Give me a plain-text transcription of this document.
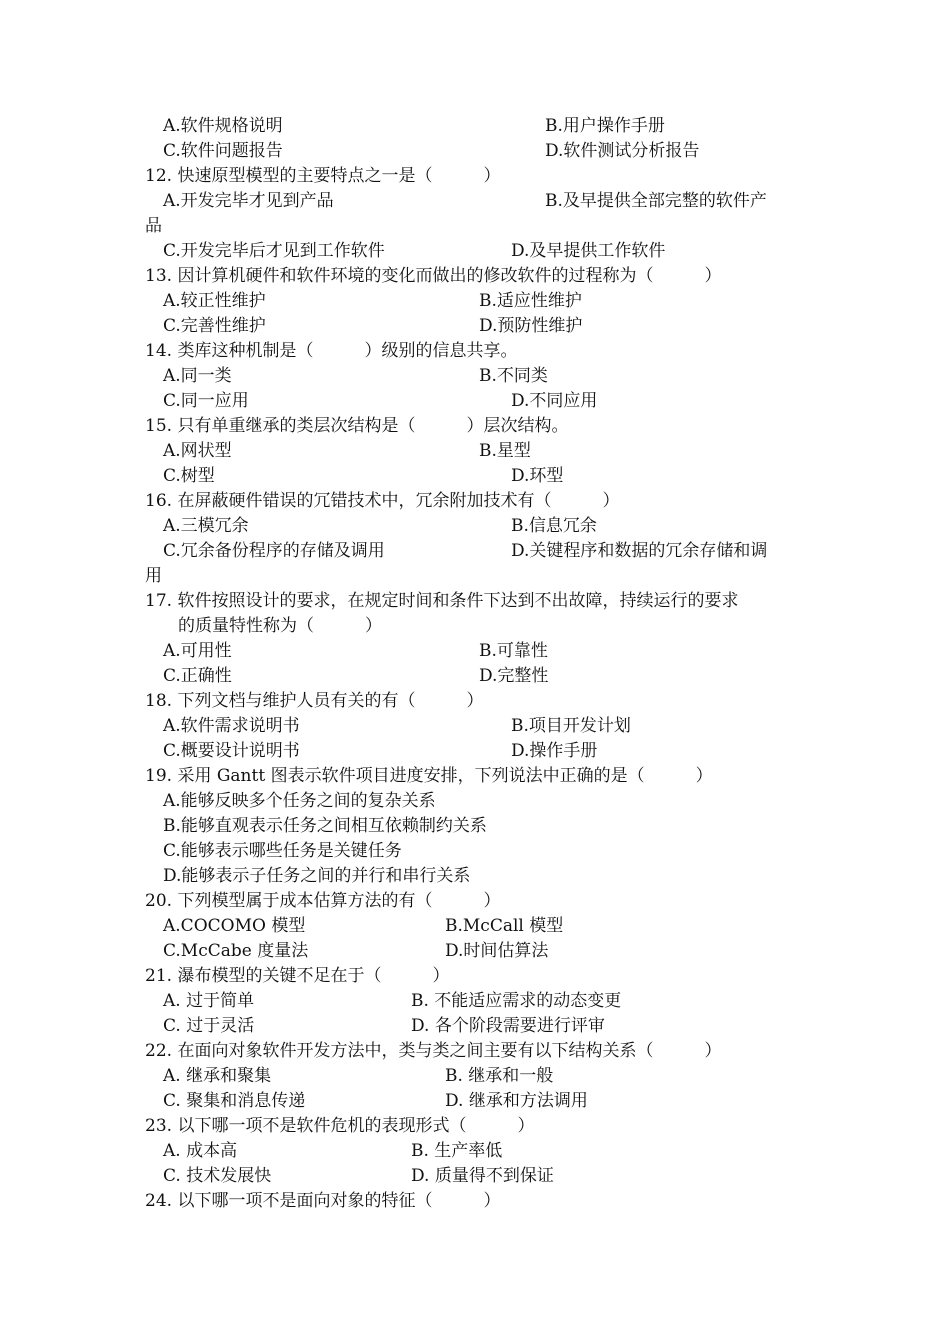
A.软件规格说明	B.用户操作手册
C.软件问题报告	D.软件测试分析报告
12. 快速原型模型的主要特点之一是（　　　）
A.开发完毕才见到产品	B.及早提供全部完整的软件产
品
C.开发完毕后才见到工作软件	D.及早提供工作软件
13. 因计算机硬件和软件环境的变化而做出的修改软件的过程称为（　　　）
A.较正性维护	B.适应性维护
C.完善性维护	D.预防性维护
14. 类库这种机制是（　　　）级别的信息共享。
A.同一类	B.不同类
C.同一应用	D.不同应用
15. 只有单重继承的类层次结构是（　　　）层次结构。
A.网状型	B.星型
C.树型	D.环型
16. 在屏蔽硬件错误的冗错技术中，冗余附加技术有（　　　）
A.三模冗余	B.信息冗余
C.冗余备份程序的存储及调用	D.关键程序和数据的冗余存储和调
用
17. 软件按照设计的要求，在规定时间和条件下达到不出故障，持续运行的要求
的质量特性称为（　　　）
A.可用性	B.可靠性
C.正确性	D.完整性
18. 下列文档与维护人员有关的有（　　　）
A.软件需求说明书	B.项目开发计划
C.概要设计说明书	D.操作手册
19. 采用 Gantt 图表示软件项目进度安排，下列说法中正确的是（　　　）
A.能够反映多个任务之间的复杂关系
B.能够直观表示任务之间相互依赖制约关系
C.能够表示哪些任务是关键任务
D.能够表示子任务之间的并行和串行关系
20. 下列模型属于成本估算方法的有（　　　）
A.COCOMO 模型	B.McCall 模型
C.McCabe 度量法	D.时间估算法
21. 瀑布模型的关键不足在于（　　　）
A. 过于简单	B. 不能适应需求的动态变更
C. 过于灵活	D. 各个阶段需要进行评审
22. 在面向对象软件开发方法中，类与类之间主要有以下结构关系（　　　）
A. 继承和聚集	B. 继承和一般
C. 聚集和消息传递	D. 继承和方法调用
23. 以下哪一项不是软件危机的表现形式（　　　）
A. 成本高	B. 生产率低
C. 技术发展快	D. 质量得不到保证
24. 以下哪一项不是面向对象的特征（　　　）
